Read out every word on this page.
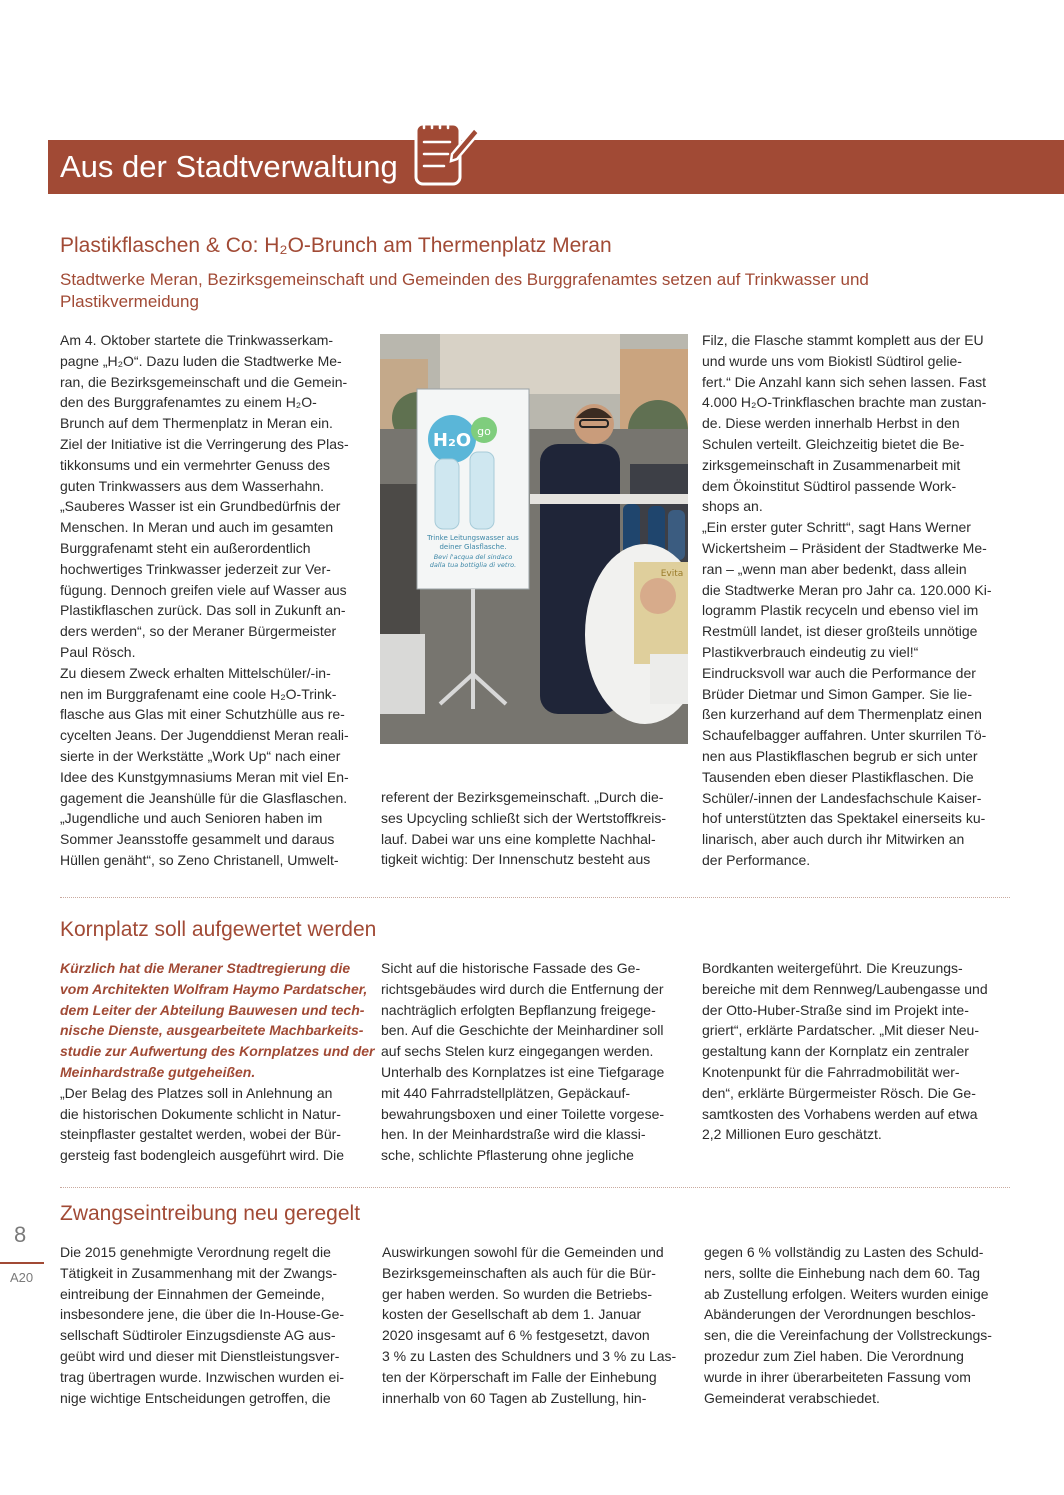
Aus der Stadtverwaltung
Plastikflaschen & Co: H₂O-Brunch am Thermenplatz Meran
Stadtwerke Meran, Bezirksgemeinschaft und Gemeinden des Burggrafenamtes setzen auf Trinkwasser und Plastikvermeidung

Am 4. Oktober startete die Trinkwasserkam-

pagne „H₂O“. Dazu luden die Stadtwerke Me-

ran, die Bezirksgemeinschaft und die Gemein-

den des Burggrafenamtes zu einem H₂O-

Brunch auf dem Thermenplatz in Meran ein.

Ziel der Initiative ist die Verringerung des Plas-

tikkonsums und ein vermehrter Genuss des

guten Trinkwassers aus dem Wasserhahn.

„Sauberes Wasser ist ein Grundbedürfnis der

Menschen. In Meran und auch im gesamten

Burggrafenamt steht ein außerordentlich

hochwertiges Trinkwasser jederzeit zur Ver-

fügung. Dennoch greifen viele auf Wasser aus

Plastikflaschen zurück. Das soll in Zukunft an-

ders werden“, so der Meraner Bürgermeister

Paul Rösch.

Zu diesem Zweck erhalten Mittelschüler/-in-

nen im Burggrafenamt eine coole H₂O-Trink-

flasche aus Glas mit einer Schutzhülle aus re-

cycelten Jeans. Der Jugenddienst Meran reali-

sierte in der Werkstätte „Work Up“ nach einer

Idee des Kunstgymnasiums Meran mit viel En-

gagement die Jeanshülle für die Glasflaschen.

„Jugendliche und auch Senioren haben im

Sommer Jeansstoffe gesammelt und daraus

Hüllen genäht“, so Zeno Christanell, Umwelt-

referent der Bezirksgemeinschaft. „Durch die-

ses Upcycling schließt sich der Wertstoffkreis-

lauf. Dabei war uns eine komplette Nachhal-

tigkeit wichtig: Der Innenschutz besteht aus

Filz, die Flasche stammt komplett aus der EU

und wurde uns vom Biokistl Südtirol gelie-

fert.“ Die Anzahl kann sich sehen lassen. Fast

4.000 H₂O-Trinkflaschen brachte man zustan-

de. Diese werden innerhalb Herbst in den

Schulen verteilt. Gleichzeitig bietet die Be-

zirksgemeinschaft in Zusammenarbeit mit

dem Ökoinstitut Südtirol passende Work-

shops an.

„Ein erster guter Schritt“, sagt Hans Werner

Wickertsheim – Präsident der Stadtwerke Me-

ran – „wenn man aber bedenkt, dass allein

die Stadtwerke Meran pro Jahr ca. 120.000 Ki-

logramm Plastik recyceln und ebenso viel im

Restmüll landet, ist dieser großteils unnötige

Plastikverbrauch eindeutig zu viel!“

Eindrucksvoll war auch die Performance der

Brüder Dietmar und Simon Gamper. Sie lie-

ßen kurzerhand auf dem Thermenplatz einen

Schaufelbagger auffahren. Unter skurrilen Tö-

nen aus Plastikflaschen begrub er sich unter

Tausenden eben dieser Plastikflaschen. Die

Schüler/-innen der Landesfachschule Kaiser-

hof unterstützten das Spektakel einerseits ku-

linarisch, aber auch durch ihr Mitwirken an

der Performance.

H₂O go
Trinke Leitungswasser aus
deiner Glasflasche.
Bevi l'acqua del sindaco
dalla tua bottiglia di vetro.
Evita
Kornplatz soll aufgewertet werden

Kürzlich hat die Meraner Stadtregierung die

vom Architekten Wolfram Haymo Pardatscher,

dem Leiter der Abteilung Bauwesen und tech-

nische Dienste, ausgearbeitete Machbarkeits-

studie zur Aufwertung des Kornplatzes und der

Meinhardstraße gutgeheißen.

„Der Belag des Platzes soll in Anlehnung an

die historischen Dokumente schlicht in Natur-

steinpflaster gestaltet werden, wobei der Bür-

gersteig fast bodengleich ausgeführt wird. Die

Sicht auf die historische Fassade des Ge-

richtsgebäudes wird durch die Entfernung der

nachträglich erfolgten Bepflanzung freigege-

ben. Auf die Geschichte der Meinhardiner soll

auf sechs Stelen kurz eingegangen werden.

Unterhalb des Kornplatzes ist eine Tiefgarage

mit 440 Fahrradstellplätzen, Gepäckauf-

bewahrungsboxen und einer Toilette vorgese-

hen. In der Meinhardstraße wird die klassi-

sche, schlichte Pflasterung ohne jegliche

Bordkanten weitergeführt. Die Kreuzungs-

bereiche mit dem Rennweg/Laubengasse und

der Otto-Huber-Straße sind im Projekt inte-

griert“, erklärte Pardatscher. „Mit dieser Neu-

gestaltung kann der Kornplatz ein zentraler

Knotenpunkt für die Fahrradmobilität wer-

den“, erklärte Bürgermeister Rösch. Die Ge-

samtkosten des Vorhabens werden auf etwa

2,2 Millionen Euro geschätzt.

Zwangseintreibung neu geregelt

Die 2015 genehmigte Verordnung regelt die

Tätigkeit in Zusammenhang mit der Zwangs-

eintreibung der Einnahmen der Gemeinde,

insbesondere jene, die über die In-House-Ge-

sellschaft Südtiroler Einzugsdienste AG aus-

geübt wird und dieser mit Dienstleistungsver-

trag übertragen wurde. Inzwischen wurden ei-

nige wichtige Entscheidungen getroffen, die

Auswirkungen sowohl für die Gemeinden und

Bezirksgemeinschaften als auch für die Bür-

ger haben werden. So wurden die Betriebs-

kosten der Gesellschaft ab dem 1. Januar

2020 insgesamt auf 6 % festgesetzt, davon

3 % zu Lasten des Schuldners und 3 % zu Las-

ten der Körperschaft im Falle der Einhebung

innerhalb von 60 Tagen ab Zustellung, hin-

gegen 6 % vollständig zu Lasten des Schuld-

ners, sollte die Einhebung nach dem 60. Tag

ab Zustellung erfolgen. Weiters wurden einige

Abänderungen der Verordnungen beschlos-

sen, die die Vereinfachung der Vollstreckungs-

prozedur zum Ziel haben. Die Verordnung

wurde in ihrer überarbeiteten Fassung vom

Gemeinderat verabschiedet.

8
A20
